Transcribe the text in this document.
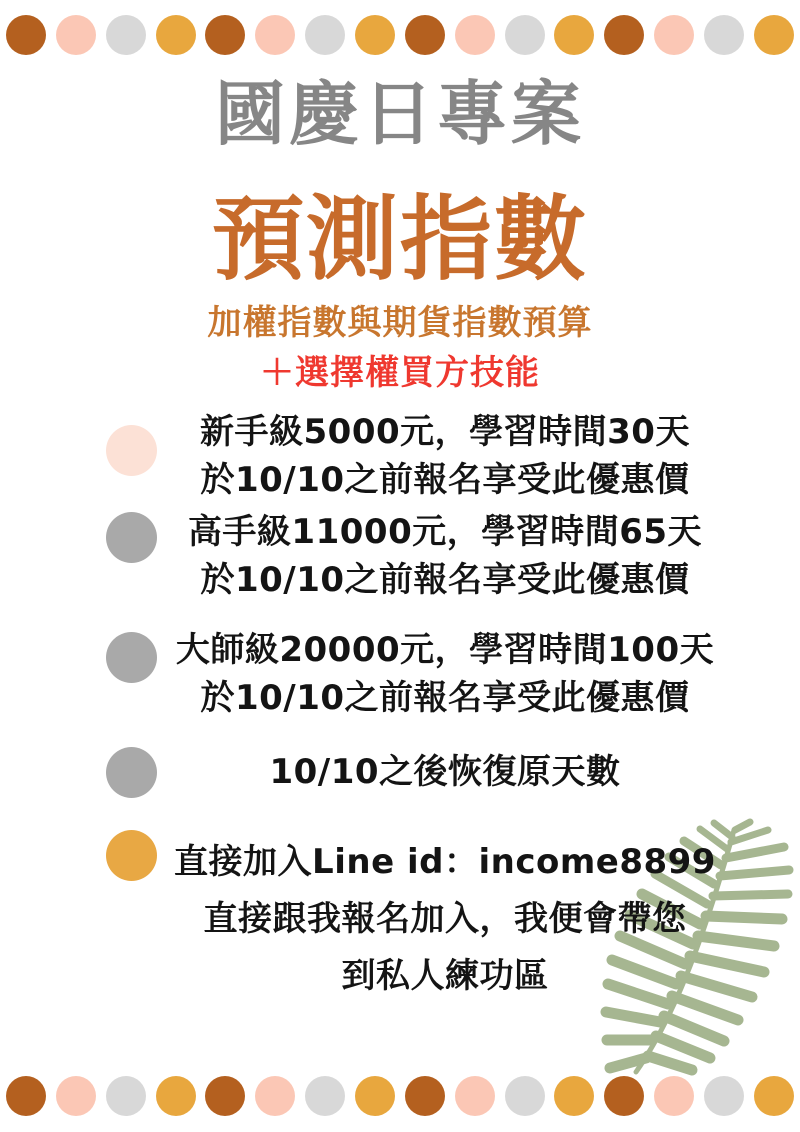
國慶日專案
預測指數
加權指數與期貨指數預算
＋選擇權買方技能
新手級5000元，學習時間30天
於10/10之前報名享受此優惠價
高手級11000元，學習時間65天
於10/10之前報名享受此優惠價
大師級20000元，學習時間100天
於10/10之前報名享受此優惠價
10/10之後恢復原天數
直接加入Line id：income8899
直接跟我報名加入，我便會帶您
到私人練功區
